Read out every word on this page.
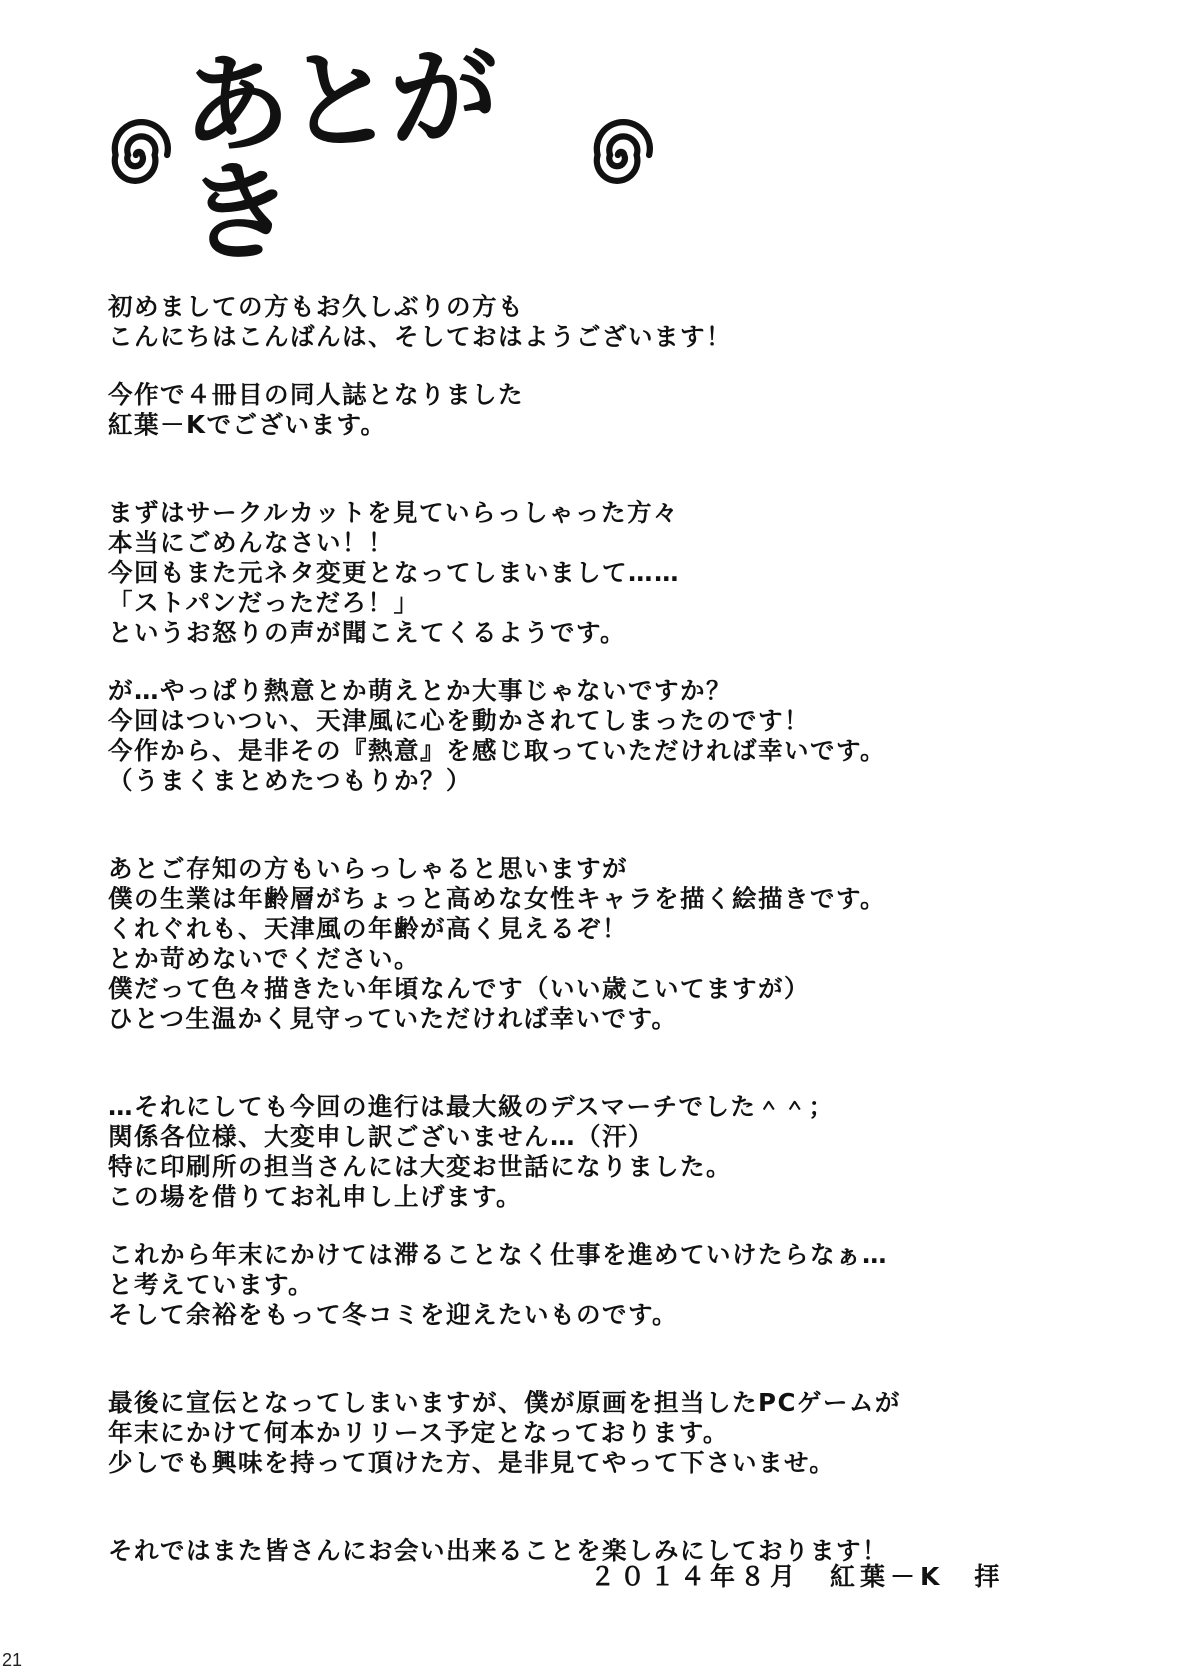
あとがき

初めましての方もお久しぶりの方も
こんにちはこんばんは、そしておはようございます！

今作で４冊目の同人誌となりました
紅葉－Kでございます。

まずはサークルカットを見ていらっしゃった方々
本当にごめんなさい！！
今回もまた元ネタ変更となってしまいまして……
「ストパンだっただろ！」
というお怒りの声が聞こえてくるようです。

が…やっぱり熱意とか萌えとか大事じゃないですか？
今回はついつい、天津風に心を動かされてしまったのです！
今作から、是非その『熱意』を感じ取っていただければ幸いです。
（うまくまとめたつもりか？）

あとご存知の方もいらっしゃると思いますが
僕の生業は年齢層がちょっと高めな女性キャラを描く絵描きです。
くれぐれも、天津風の年齢が高く見えるぞ！
とか苛めないでください。
僕だって色々描きたい年頃なんです（いい歳こいてますが）
ひとつ生温かく見守っていただければ幸いです。

…それにしても今回の進行は最大級のデスマーチでした＾＾；
関係各位様、大変申し訳ございません…（汗）
特に印刷所の担当さんには大変お世話になりました。
この場を借りてお礼申し上げます。

これから年末にかけては滞ることなく仕事を進めていけたらなぁ…
と考えています。
そして余裕をもって冬コミを迎えたいものです。

最後に宣伝となってしまいますが、僕が原画を担当したPCゲームが
年末にかけて何本かリリース予定となっております。
少しでも興味を持って頂けた方、是非見てやって下さいませ。

それではまた皆さんにお会い出来ることを楽しみにしております！

２０１４年８月　紅葉－K　拝
21
